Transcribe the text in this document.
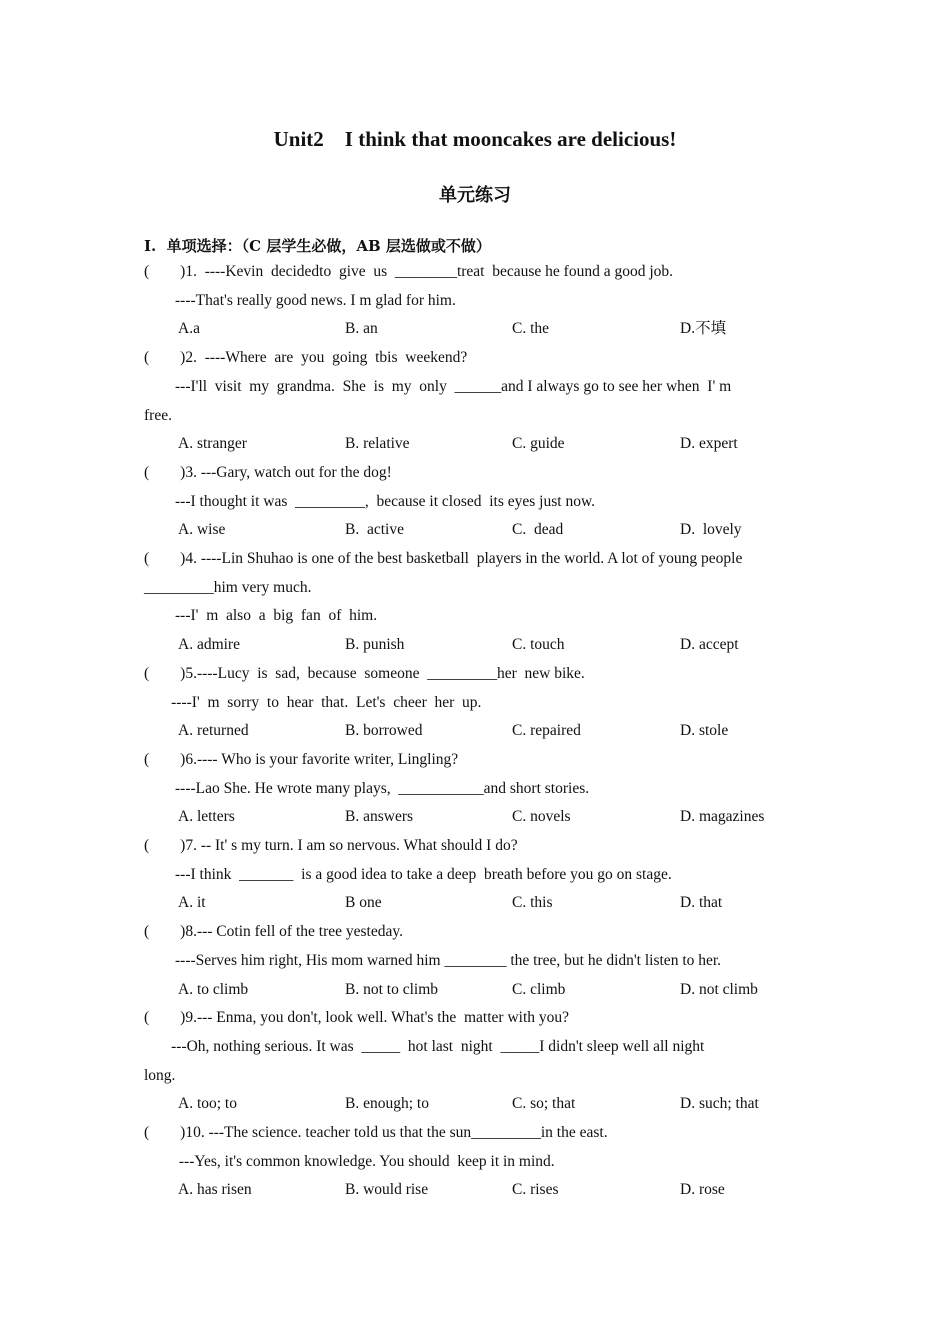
Unit2    I think that mooncakes are delicious!
单元练习
I.  单项选择：（C 层学生必做，AB 层选做或不做）
(        )1.  ----Kevin  decidedto  give  us  ________treat  because he found a good job.
----That's really good news. I m glad for him.
A.a	B. an	C. the	D.不填
(        )2.  ----Where  are  you  going  tbis  weekend?
---I'll  visit  my  grandma.  She  is  my  only  ______and I always go to see her when  I' m
free.
A. stranger	B. relative	C. guide	D. expert
(        )3. ---Gary, watch out for the dog!
---I thought it was  _________,  because it closed  its eyes just now.
A. wise	B.  active	C.  dead	D.  lovely
(        )4. ----Lin Shuhao is one of the best basketball  players in the world. A lot of young people
_________him very much.
---I'  m  also  a  big  fan  of  him.
A. admire	B. punish	C. touch	D. accept
(        )5.----Lucy  is  sad,  because  someone  _________her  new bike.
----I'  m  sorry  to  hear  that.  Let's  cheer  her  up.
A. returned	B. borrowed	C. repaired	D. stole
(        )6.---- Who is your favorite writer, Lingling?
----Lao She. He wrote many plays,  ___________and short stories.
A. letters	B. answers	C. novels	D. magazines
(        )7. -- It' s my turn. I am so nervous. What should I do?
---I think  _______  is a good idea to take a deep  breath before you go on stage.
A. it	B one	C. this	D. that
(        )8.--- Cotin fell of the tree yesteday.
----Serves him right, His mom warned him ________ the tree, but he didn't listen to her.
A. to climb	B. not to climb	C. climb	D. not climb
(        )9.--- Enma, you don't, look well. What's the  matter with you?
---Oh, nothing serious. It was  _____  hot last  night  _____I didn't sleep well all night
long.
A. too; to	B. enough; to	C. so; that	D. such; that
(        )10. ---The science. teacher told us that the sun_________in the east.
---Yes, it's common knowledge. You should  keep it in mind.
A. has risen	B. would rise	C. rises	D. rose
